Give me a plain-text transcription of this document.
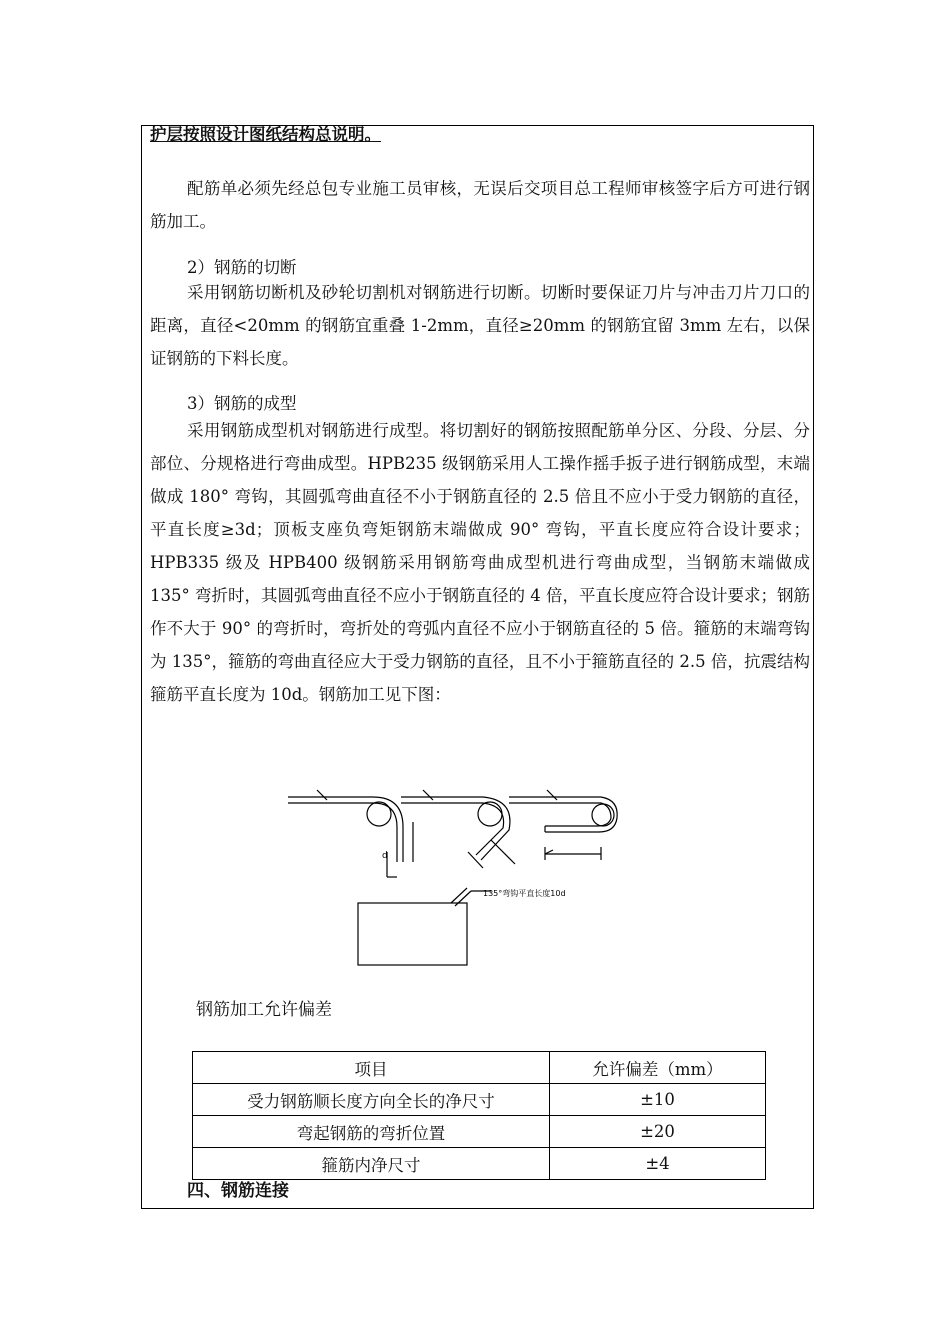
护层按照设计图纸结构总说明。

配筋单必须先经总包专业施工员审核，无误后交项目总工程师审核签字后方可进行钢筋加工。

2）钢筋的切断

采用钢筋切断机及砂轮切割机对钢筋进行切断。切断时要保证刀片与冲击刀片刀口的距离，直径<20mm 的钢筋宜重叠 1-2mm，直径≥20mm 的钢筋宜留 3mm 左右，以保证钢筋的下料长度。

3）钢筋的成型

采用钢筋成型机对钢筋进行成型。将切割好的钢筋按照配筋单分区、分段、分层、分部位、分规格进行弯曲成型。HPB235 级钢筋采用人工操作摇手扳子进行钢筋成型，末端做成 180° 弯钩，其圆弧弯曲直径不小于钢筋直径的 2.5 倍且不应小于受力钢筋的直径，平直长度≥3d；顶板支座负弯矩钢筋末端做成 90° 弯钩，平直长度应符合设计要求；HPB335 级及 HPB400 级钢筋采用钢筋弯曲成型机进行弯曲成型，当钢筋末端做成 135° 弯折时，其圆弧弯曲直径不应小于钢筋直径的 4 倍，平直长度应符合设计要求；钢筋作不大于 90° 的弯折时，弯折处的弯弧内直径不应小于钢筋直径的 5 倍。箍筋的末端弯钩为 135°，箍筋的弯曲直径应大于受力钢筋的直径，且不小于箍筋直径的 2.5 倍，抗震结构箍筋平直长度为 10d。钢筋加工见下图：

d
135°弯钩平直长度10d
钢筋加工允许偏差
项目	允许偏差（mm）
受力钢筋顺长度方向全长的净尺寸	±10
弯起钢筋的弯折位置	±20
箍筋内净尺寸	±4
四、钢筋连接
